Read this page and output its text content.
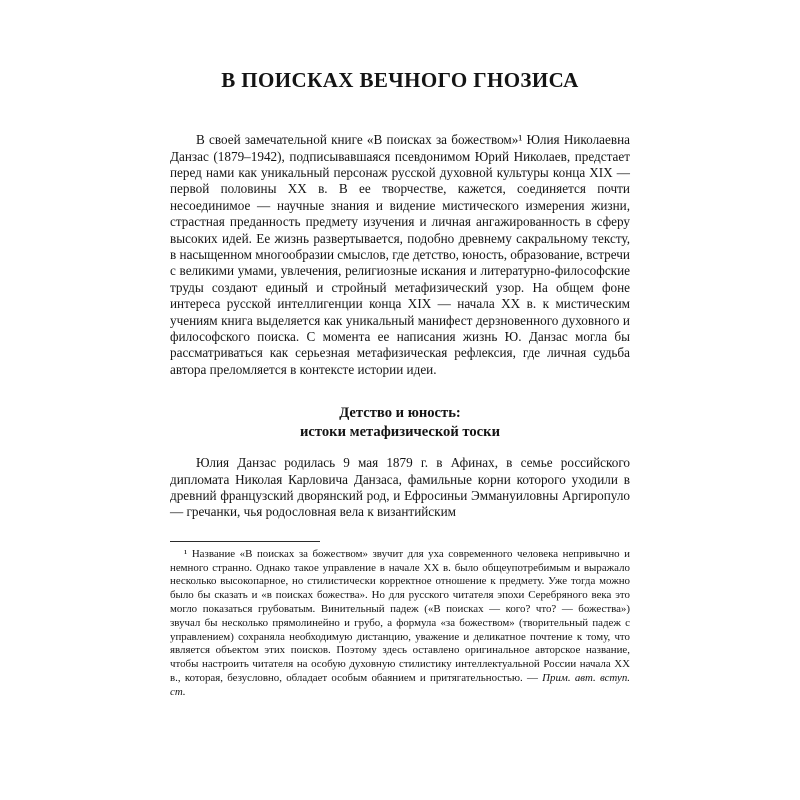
В ПОИСКАХ ВЕЧНОГО ГНОЗИСА

В своей замечательной книге «В поисках за божеством»¹ Юлия Николаевна Данзас (1879–1942), подписывавшаяся псевдонимом Юрий Николаев, предстает перед нами как уникальный персонаж русской духовной культуры конца XIX — первой половины XX в. В ее творчестве, кажется, соединяется почти несоединимое — научные знания и видение мистического измерения жизни, страстная преданность предмету изучения и личная ангажированность в сферу высоких идей. Ее жизнь развертывается, подобно древнему сакральному тексту, в насыщенном многообразии смыслов, где детство, юность, образование, встречи с великими умами, увлечения, религиозные искания и литературно-философские труды создают единый и стройный метафизический узор. На общем фоне интереса русской интеллигенции конца XIX — начала XX в. к мистическим учениям книга выделяется как уникальный манифест дерзновенного духовного и философского поиска. С момента ее написания жизнь Ю. Данзас могла бы рассматриваться как серьезная метафизическая рефлексия, где личная судьба автора преломляется в контексте истории идеи.

Детство и юность:
истоки метафизической тоски

Юлия Данзас родилась 9 мая 1879 г. в Афинах, в семье российского дипломата Николая Карловича Данзаса, фамильные корни которого уходили в древний французский дворянский род, и Ефросиньи Эммануиловны Аргиропуло — гречанки, чья родословная вела к византийским

¹ Название «В поисках за божеством» звучит для уха современного человека непривычно и немного странно. Однако такое управление в начале XX в. было общеупотребимым и выражало несколько высокопарное, но стилистически корректное отношение к предмету. Уже тогда можно было бы сказать и «в поисках божества». Но для русского читателя эпохи Серебряного века это могло показаться грубоватым. Винительный падеж («В поисках — кого? что? — божества») звучал бы несколько прямолинейно и грубо, а формула «за божеством» (творительный падеж с управлением) сохраняла необходимую дистанцию, уважение и деликатное почтение к тому, что является объектом этих поисков. Поэтому здесь оставлено оригинальное авторское название, чтобы настроить читателя на особую духовную стилистику интеллектуальной России начала XX в., которая, безусловно, обладает особым обаянием и притягательностью. — Прим. авт. вступ. ст.
